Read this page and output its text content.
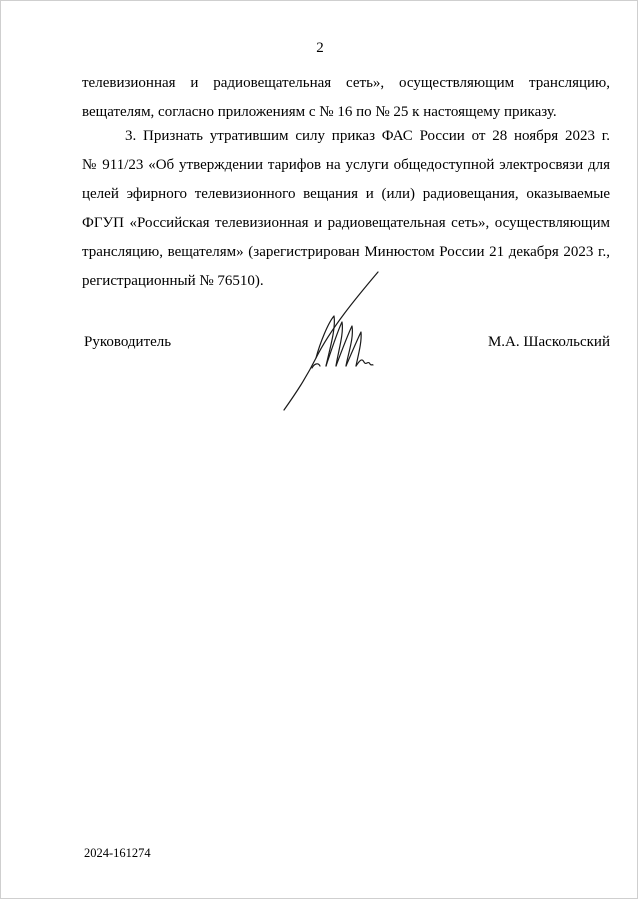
2
телевизионная и радиовещательная сеть», осуществляющим трансляцию,
вещателям, согласно приложениям с № 16 по № 25 к настоящему приказу.
3. Признать утратившим силу приказ ФАС России от 28 ноября 2023 г.
№ 911/23 «Об утверждении тарифов на услуги общедоступной электросвязи для
целей эфирного телевизионного вещания и (или) радиовещания, оказываемые
ФГУП «Российская телевизионная и радиовещательная сеть», осуществляющим
трансляцию, вещателям» (зарегистрирован Минюстом России 21 декабря 2023 г.,
регистрационный № 76510).
Руководитель	М.А. Шаскольский
2024-161274
